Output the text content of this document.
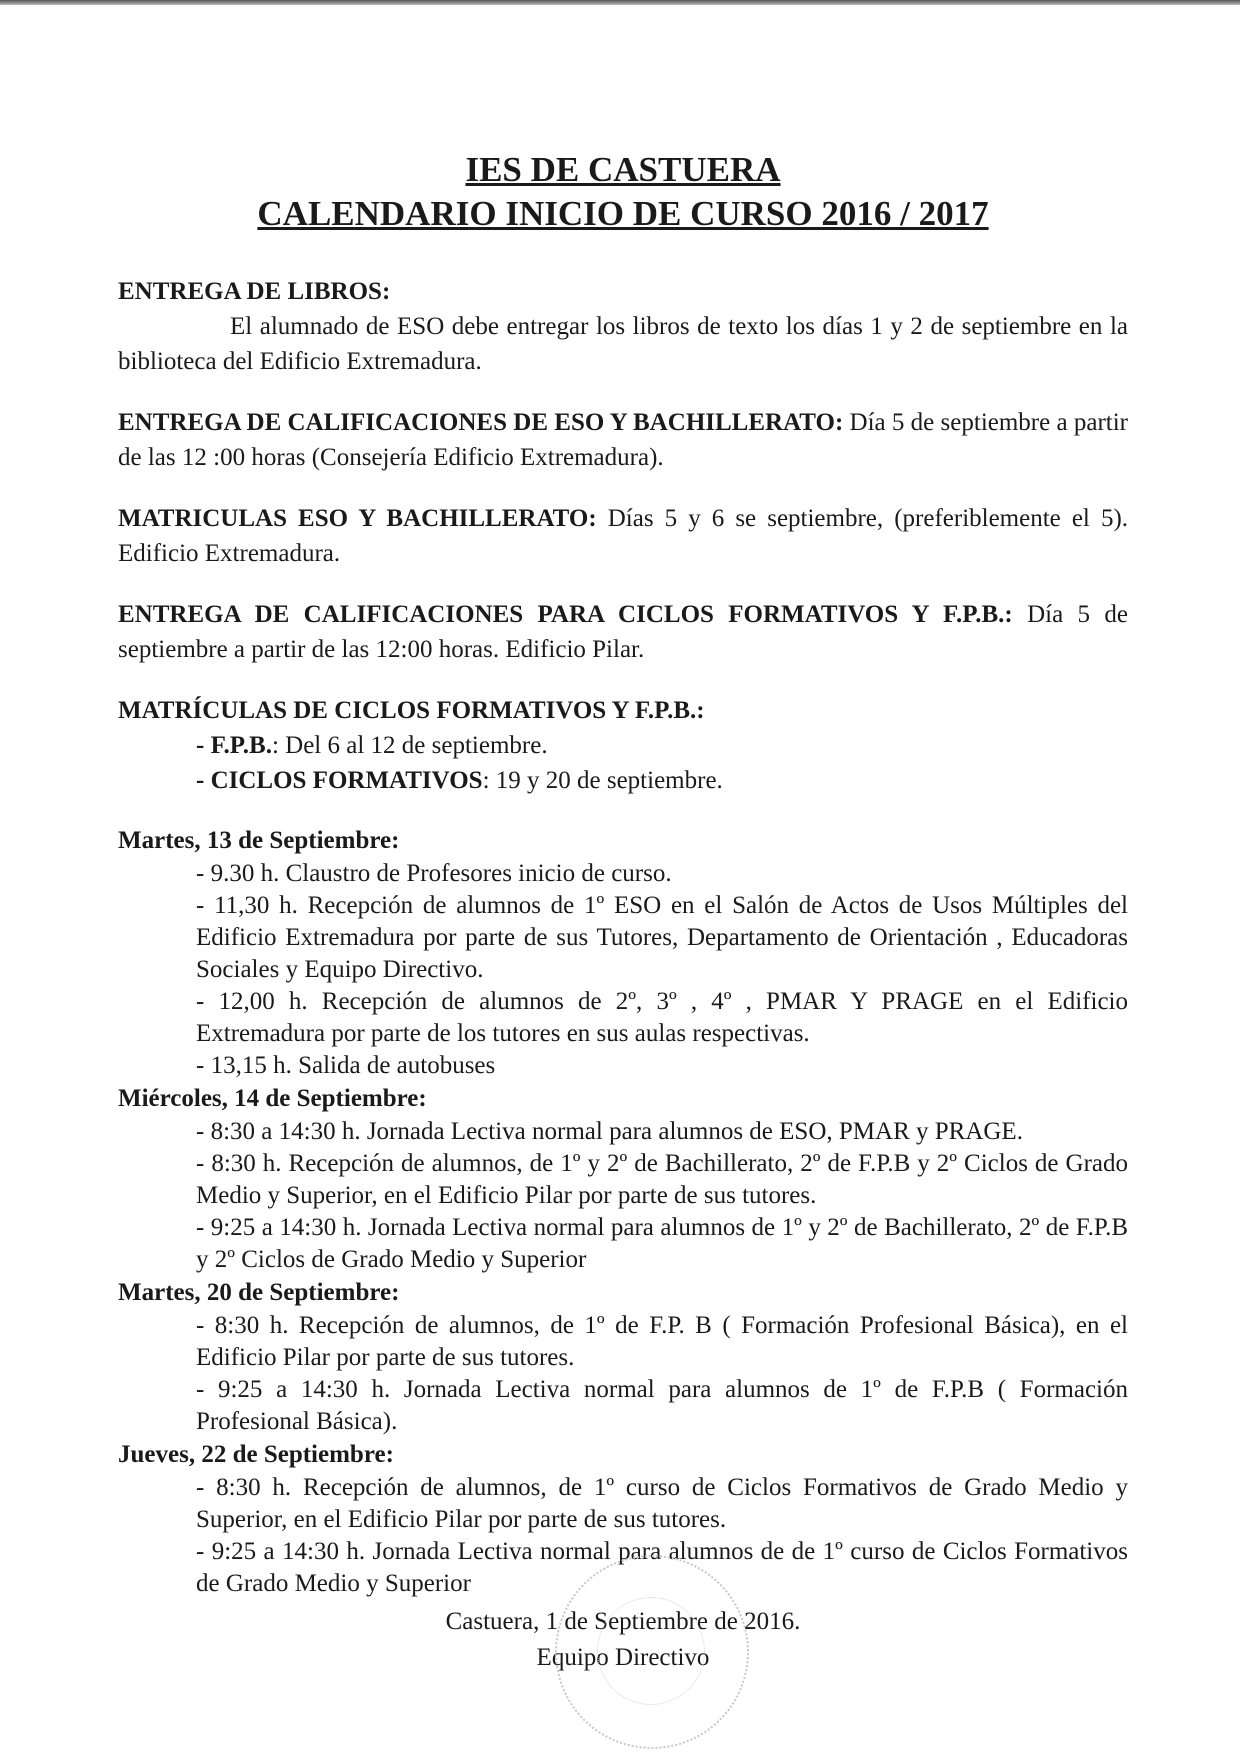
IES DE CASTUERA
CALENDARIO INICIO DE CURSO 2016 / 2017
ENTREGA DE LIBROS:
El alumnado de ESO debe entregar los libros de texto los días 1 y 2 de septiembre en la biblioteca del Edificio Extremadura.
ENTREGA DE CALIFICACIONES DE ESO Y BACHILLERATO: Día 5 de septiembre a partir de las 12 :00 horas (Consejería Edificio Extremadura).
MATRICULAS ESO Y BACHILLERATO: Días 5 y 6 se septiembre, (preferiblemente el 5). Edificio Extremadura.
ENTREGA DE CALIFICACIONES PARA CICLOS FORMATIVOS Y F.P.B.: Día 5 de septiembre a partir de las 12:00 horas. Edificio Pilar.
MATRÍCULAS DE CICLOS FORMATIVOS Y F.P.B.:
- F.P.B.: Del 6 al 12 de septiembre.
- CICLOS FORMATIVOS: 19 y 20 de septiembre.
Martes, 13 de Septiembre:
- 9.30 h. Claustro de Profesores inicio de curso.
- 11,30 h. Recepción de alumnos de 1º ESO en el Salón de Actos de Usos Múltiples del Edificio Extremadura por parte de sus Tutores, Departamento de Orientación , Educadoras Sociales y Equipo Directivo.
- 12,00 h. Recepción de alumnos de 2º, 3º , 4º , PMAR Y PRAGE en el Edificio Extremadura por parte de los tutores en sus aulas respectivas.
- 13,15 h. Salida de autobuses
Miércoles, 14 de Septiembre:
- 8:30 a 14:30 h. Jornada Lectiva normal para alumnos de ESO, PMAR y PRAGE.
- 8:30 h. Recepción de alumnos, de 1º y 2º de Bachillerato, 2º de F.P.B y 2º Ciclos de Grado Medio y Superior, en el Edificio Pilar por parte de sus tutores.
- 9:25 a 14:30 h. Jornada Lectiva normal para alumnos de 1º y 2º de Bachillerato, 2º de F.P.B y 2º Ciclos de Grado Medio y Superior
Martes, 20 de Septiembre:
- 8:30 h. Recepción de alumnos, de 1º de F.P. B ( Formación Profesional Básica), en el Edificio Pilar por parte de sus tutores.
- 9:25 a 14:30 h. Jornada Lectiva normal para alumnos de 1º de F.P.B ( Formación Profesional Básica).
Jueves, 22 de Septiembre:
- 8:30 h. Recepción de alumnos, de 1º curso de Ciclos Formativos de Grado Medio y Superior, en el Edificio Pilar por parte de sus tutores.
- 9:25 a 14:30 h. Jornada Lectiva normal para alumnos de de 1º curso de Ciclos Formativos de Grado Medio y Superior
Castuera, 1 de Septiembre de 2016.
Equipo Directivo
